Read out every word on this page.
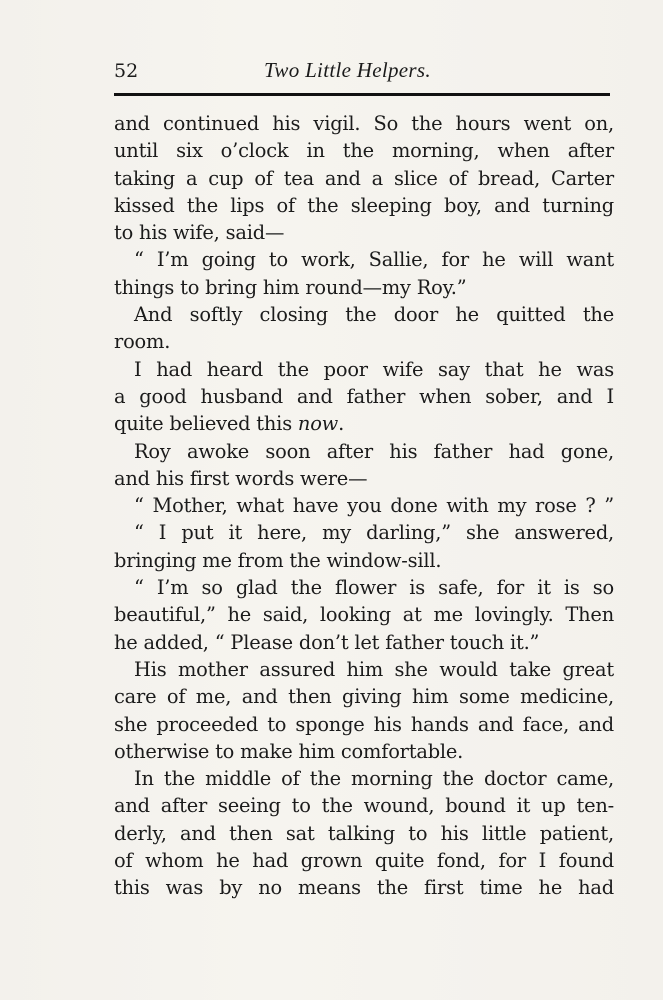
52	Two Little Helpers.
and continued his vigil. So the hours went on,
until six o’clock in the morning, when after
taking a cup of tea and a slice of bread, Carter
kissed the lips of the sleeping boy, and turning
to his wife, said—
“ I’m going to work, Sallie, for he will want
things to bring him round—my Roy.”
And softly closing the door he quitted the
room.
I had heard the poor wife say that he was
a good husband and father when sober, and I
quite believed this now.
Roy awoke soon after his father had gone,
and his first words were—
“ Mother, what have you done with my rose ? ”
“ I put it here, my darling,” she answered,
bringing me from the window-sill.
“ I’m so glad the flower is safe, for it is so
beautiful,” he said, looking at me lovingly. Then
he added, “ Please don’t let father touch it.”
His mother assured him she would take great
care of me, and then giving him some medicine,
she proceeded to sponge his hands and face, and
otherwise to make him comfortable.
In the middle of the morning the doctor came,
and after seeing to the wound, bound it up ten-
derly, and then sat talking to his little patient,
of whom he had grown quite fond, for I found
this was by no means the first time he had
